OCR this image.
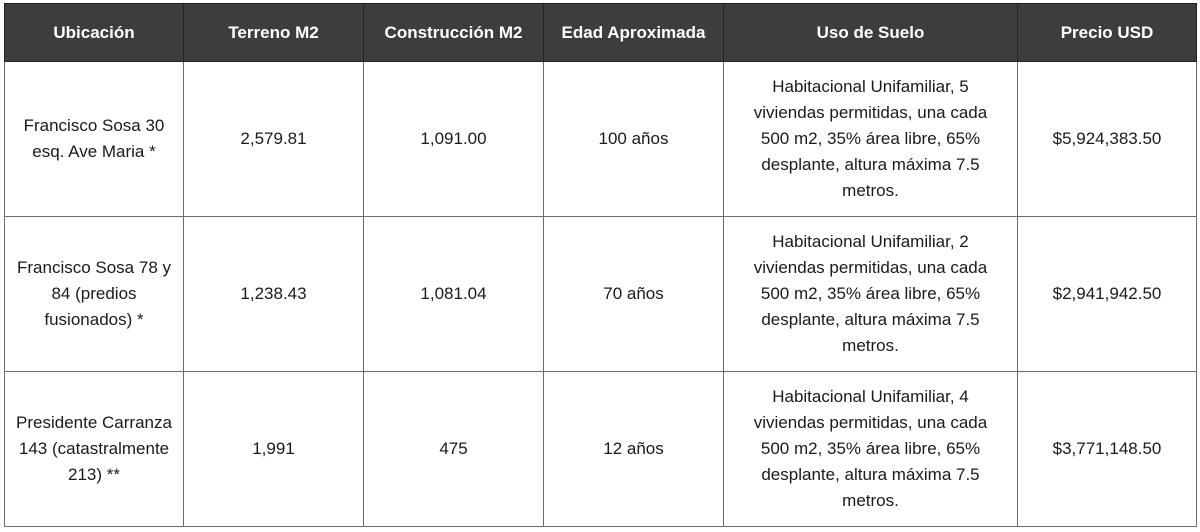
Ubicación	Terreno M2	Construcción M2	Edad Aproximada	Uso de Suelo	Precio USD
Francisco Sosa 30 esq. Ave Maria *	2,579.81	1,091.00	100 años	Habitacional Unifamiliar, 5 viviendas permitidas, una cada 500 m2, 35% área libre, 65% desplante, altura máxima 7.5 metros.	$5,924,383.50
Francisco Sosa 78 y 84 (predios fusionados) *	1,238.43	1,081.04	70 años	Habitacional Unifamiliar, 2 viviendas permitidas, una cada 500 m2, 35% área libre, 65% desplante, altura máxima 7.5 metros.	$2,941,942.50
Presidente Carranza 143 (catastralmente 213) **	1,991	475	12 años	Habitacional Unifamiliar, 4 viviendas permitidas, una cada 500 m2, 35% área libre, 65% desplante, altura máxima 7.5 metros.	$3,771,148.50
